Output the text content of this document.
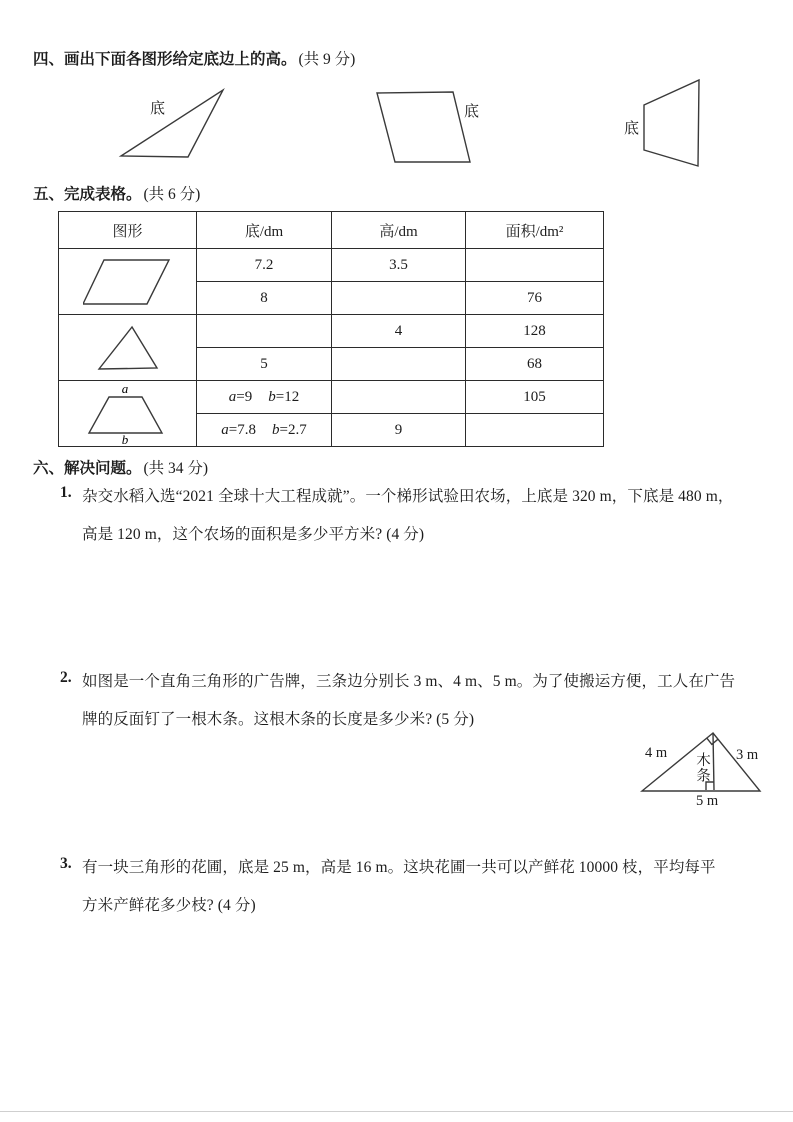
四、画出下面各图形给定底边上的高。 (共 9 分)
底	底
底
五、完成表格。 (共 6 分)
图形	底/dm	高/dm	面积/dm²

	7.2	3.5	
	8		76

		4	128
	5		68

a
b	a=9 b=12		105
	a=7.8 b=2.7	9	
六、解决问题。 (共 34 分)
1. 杂交水稻入选“2021 全球十大工程成就”。一个梯形试验田农场，上底是 320 m，下底是 480 m，
高是 120 m，这个农场的面积是多少平方米? (4 分)
2. 如图是一个直角三角形的广告牌，三条边分别长 3 m、4 m、5 m。为了使搬运方便，工人在广告
牌的反面钉了一根木条。这根木条的长度是多少米? (5 分)
4 m	3 m
5 m
木条
3. 有一块三角形的花圃，底是 25 m，高是 16 m。这块花圃一共可以产鲜花 10000 枝，平均每平
方米产鲜花多少枝? (4 分)
